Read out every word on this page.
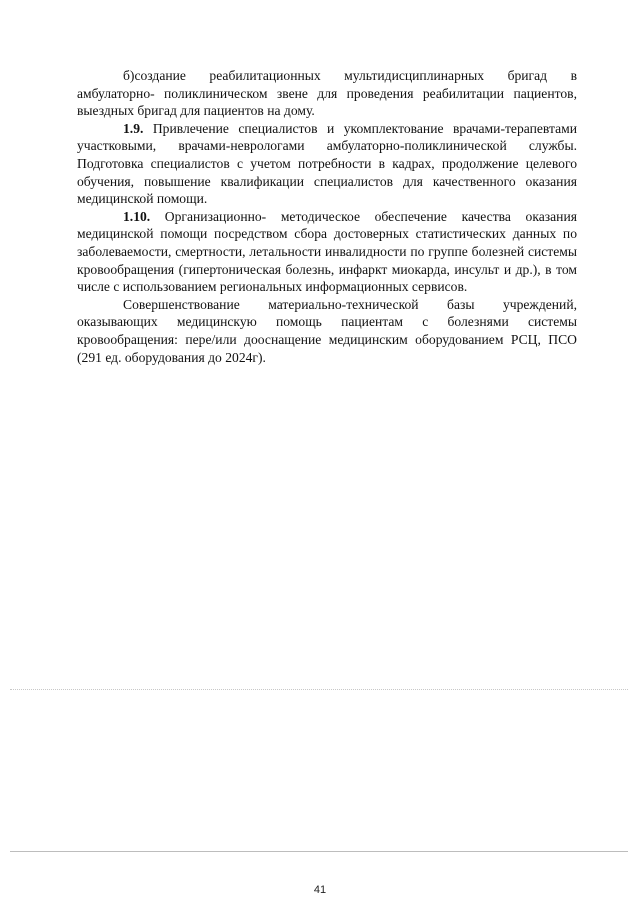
б)создание реабилитационных мультидисциплинарных бригад в амбулаторно- поликлиническом звене для проведения реабилитации пациентов, выездных бригад для пациентов на дому.

1.9. Привлечение специалистов и укомплектование врачами-терапевтами участковыми, врачами-неврологами амбулаторно-поликлинической службы. Подготовка специалистов с учетом потребности в кадрах, продолжение целевого обучения, повышение квалификации специалистов для качественного оказания медицинской помощи.

1.10. Организационно- методическое обеспечение качества оказания медицинской помощи посредством сбора достоверных статистических данных по заболеваемости, смертности, летальности инвалидности по группе болезней системы кровообращения (гипертоническая болезнь, инфаркт миокарда, инсульт и др.), в том числе с использованием региональных информационных сервисов.

Совершенствование материально-технической базы учреждений, оказывающих медицинскую помощь пациентам с болезнями системы кровообращения: пере/или дооснащение медицинским оборудованием РСЦ, ПСО (291 ед. оборудования до 2024г).

41
